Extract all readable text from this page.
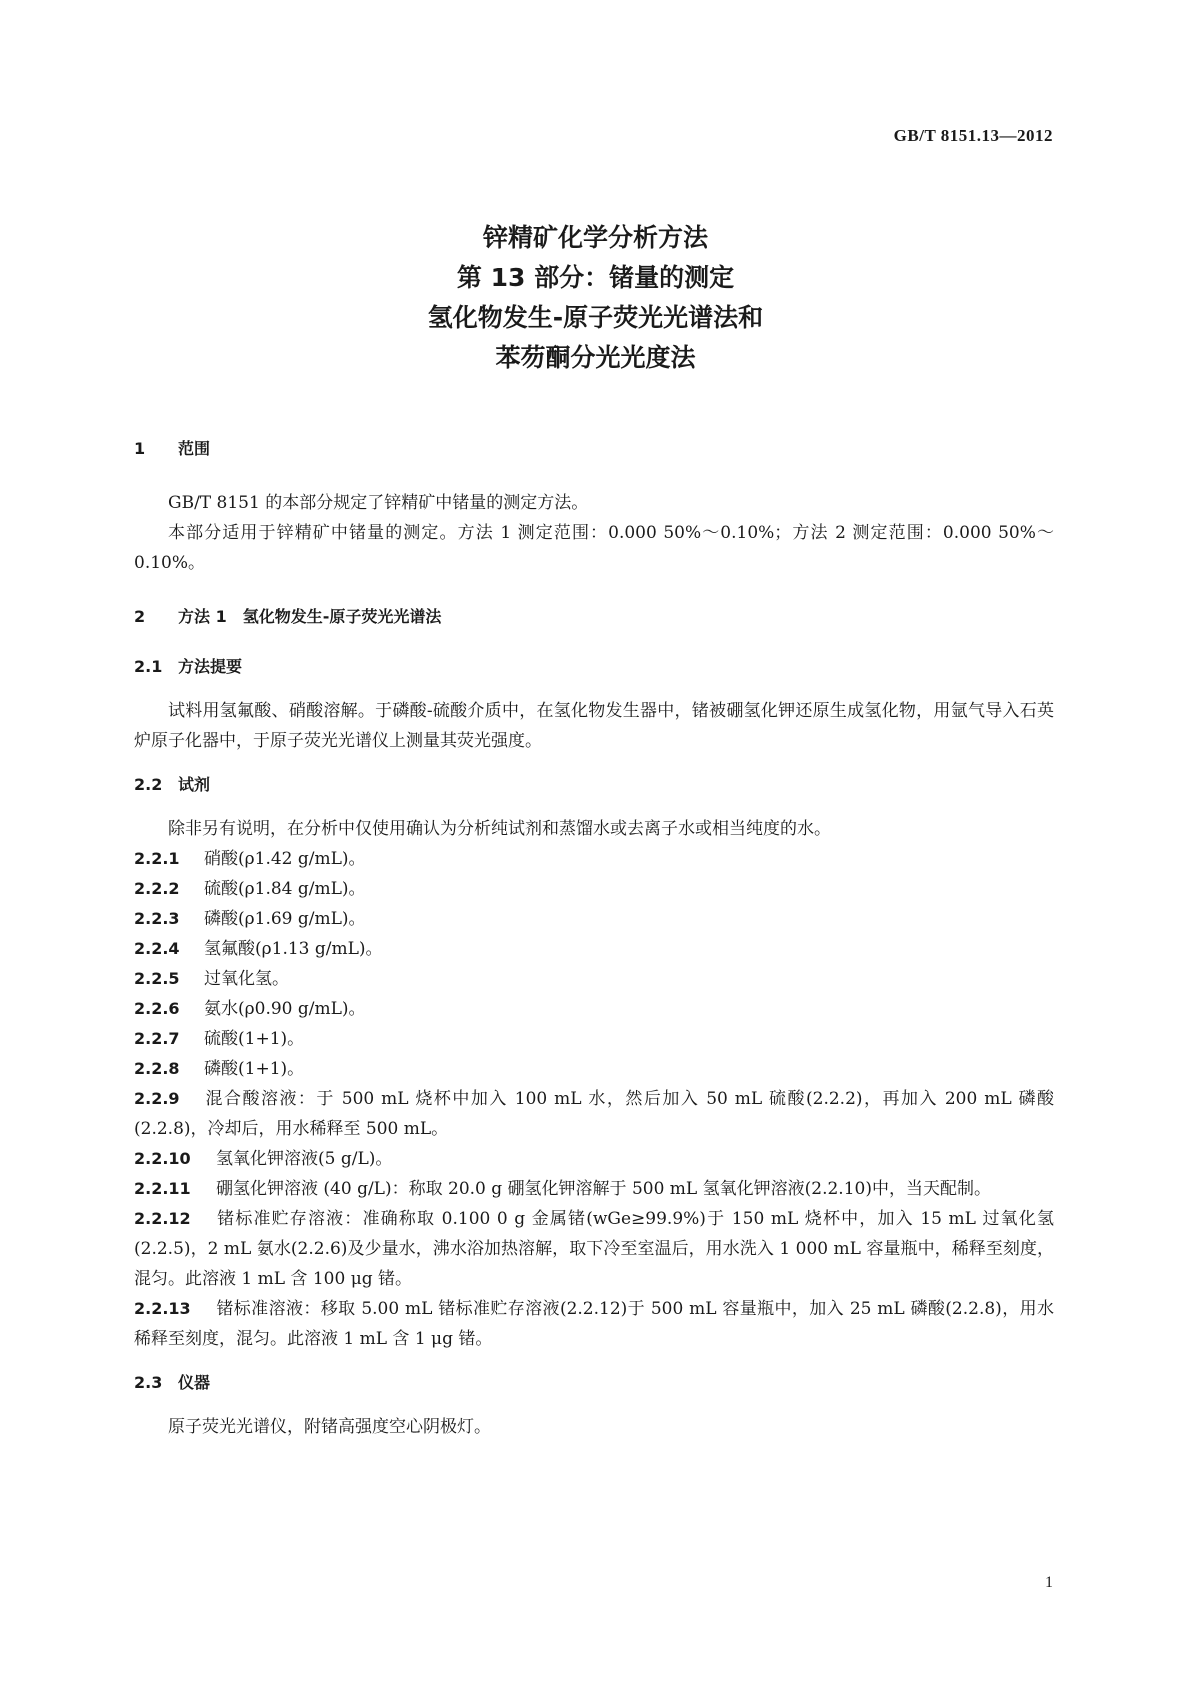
GB/T 8151.13—2012
锌精矿化学分析方法
第 13 部分：锗量的测定
氢化物发生-原子荧光光谱法和
苯芴酮分光光度法
1 范围

GB/T 8151 的本部分规定了锌精矿中锗量的测定方法。

本部分适用于锌精矿中锗量的测定。方法 1 测定范围：0.000 50%～0.10%；方法 2 测定范围：0.000 50%～0.10%。

2 方法 1　氢化物发生-原子荧光光谱法
2.1 方法提要

试料用氢氟酸、硝酸溶解。于磷酸-硫酸介质中，在氢化物发生器中，锗被硼氢化钾还原生成氢化物，用氩气导入石英炉原子化器中，于原子荧光光谱仪上测量其荧光强度。

2.2 试剂

除非另有说明，在分析中仅使用确认为分析纯试剂和蒸馏水或去离子水或相当纯度的水。

2.2.1 硝酸(ρ1.42 g/mL)。

2.2.2 硫酸(ρ1.84 g/mL)。

2.2.3 磷酸(ρ1.69 g/mL)。

2.2.4 氢氟酸(ρ1.13 g/mL)。

2.2.5 过氧化氢。

2.2.6 氨水(ρ0.90 g/mL)。

2.2.7 硫酸(1+1)。

2.2.8 磷酸(1+1)。

2.2.9 混合酸溶液：于 500 mL 烧杯中加入 100 mL 水，然后加入 50 mL 硫酸(2.2.2)，再加入 200 mL 磷酸 (2.2.8)，冷却后，用水稀释至 500 mL。

2.2.10 氢氧化钾溶液(5 g/L)。

2.2.11 硼氢化钾溶液 (40 g/L)：称取 20.0 g 硼氢化钾溶解于 500 mL 氢氧化钾溶液(2.2.10)中，当天配制。

2.2.12 锗标准贮存溶液：准确称取 0.100 0 g 金属锗(wGe≥99.9%)于 150 mL 烧杯中，加入 15 mL 过氧化氢(2.2.5)，2 mL 氨水(2.2.6)及少量水，沸水浴加热溶解，取下冷至室温后，用水洗入 1 000 mL 容量瓶中，稀释至刻度，混匀。此溶液 1 mL 含 100 μg 锗。

2.2.13 锗标准溶液：移取 5.00 mL 锗标准贮存溶液(2.2.12)于 500 mL 容量瓶中，加入 25 mL 磷酸(2.2.8)，用水稀释至刻度，混匀。此溶液 1 mL 含 1 μg 锗。

2.3 仪器

原子荧光光谱仪，附锗高强度空心阴极灯。

1
